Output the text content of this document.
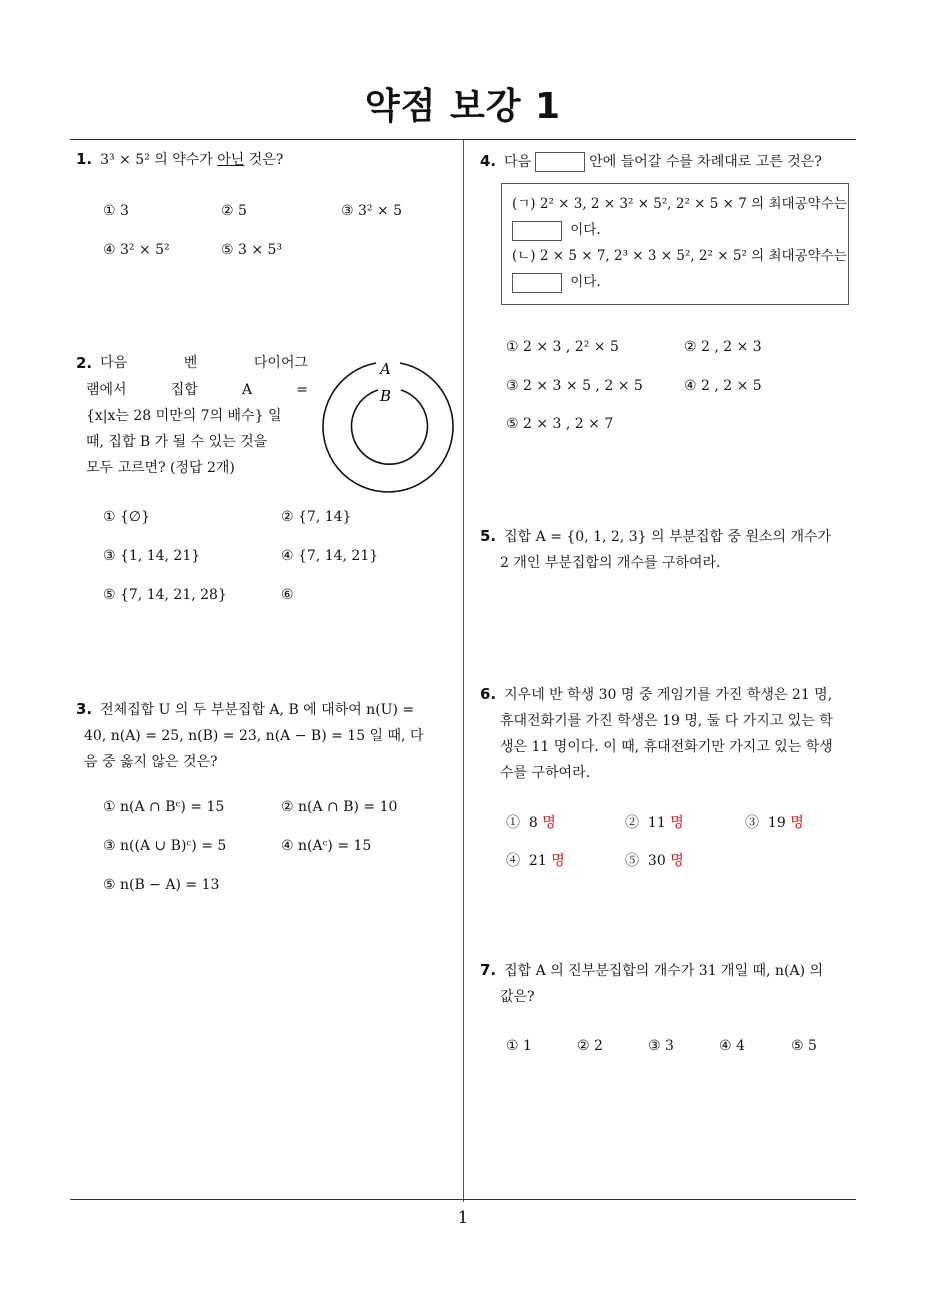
약점 보강 1
1
1. 3³ × 5² 의 약수가 아닌 것은?
① 3	② 5	③ 3² × 5
④ 3² × 5²	⑤ 3 × 5³
2. 다음 벤 다이어그
램에서 집합 A =
{x|x는 28 미만의 7의 배수} 일
때, 집합 B 가 될 수 있는 것을
모두 고르면? (정답 2개)
A
B
① {∅}	② {7, 14}
③ {1, 14, 21}	④ {7, 14, 21}
⑤ {7, 14, 21, 28}	⑥
3. 전체집합 U 의 두 부분집합 A, B 에 대하여 n(U) =
40, n(A) = 25, n(B) = 23, n(A − B) = 15 일 때, 다
음 중 옳지 않은 것은?
① n(A ∩ Bᶜ) = 15	② n(A ∩ B) = 10
③ n((A ∪ B)ᶜ) = 5	④ n(Aᶜ) = 15
⑤ n(B − A) = 13
4. 다음	안에 들어갈 수를 차례대로 고른 것은?
(ㄱ) 2² × 3, 2 × 3² × 5², 2² × 5 × 7 의 최대공약수는
이다.
(ㄴ) 2 × 5 × 7, 2³ × 3 × 5², 2² × 5² 의 최대공약수는
이다.
① 2 × 3 , 2² × 5	② 2 , 2 × 3
③ 2 × 3 × 5 , 2 × 5	④ 2 , 2 × 5
⑤ 2 × 3 , 2 × 7
5. 집합 A = {0, 1, 2, 3} 의 부분집합 중 원소의 개수가
2 개인 부분집합의 개수를 구하여라.
6. 지우네 반 학생 30 명 중 게임기를 가진 학생은 21 명,
휴대전화기를 가진 학생은 19 명, 둘 다 가지고 있는 학
생은 11 명이다. 이 때, 휴대전화기만 가지고 있는 학생
수를 구하여라.
① 8 명	② 11 명	③ 19 명
④ 21 명	⑤ 30 명
7. 집합 A 의 진부분집합의 개수가 31 개일 때, n(A) 의
값은?
① 1	② 2	③ 3	④ 4	⑤ 5
